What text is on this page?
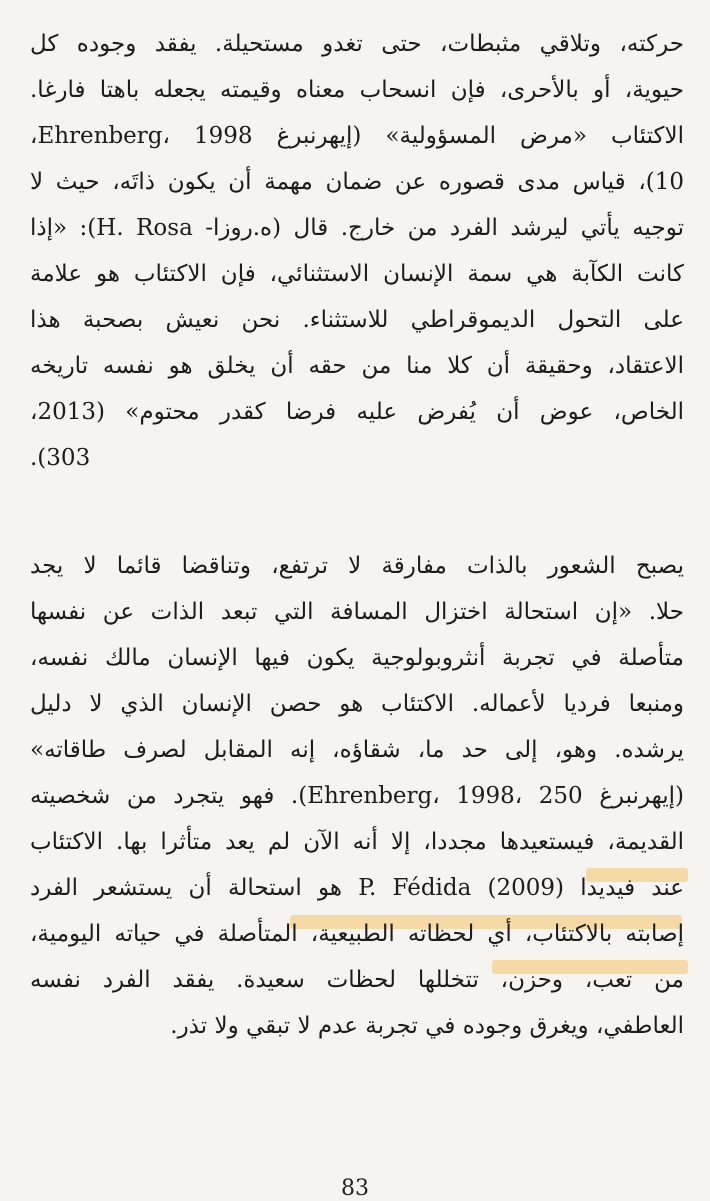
حركته، وتلاقي مثبطات، حتى تغدو مستحيلة. يفقد وجوده كل
حيوية، أو بالأحرى، فإن انسحاب معناه وقيمته يجعله باهتا فارغا.
الاكتئاب «مرض المسؤولية» (إيهرنبرغ Ehrenberg، 1998،
10)، قياس مدى قصوره عن ضمان مهمة أن يكون ذاتَه، حيث لا
توجيه يأتي ليرشد الفرد من خارج. قال (ه.روزا- H. Rosa): «إذا
كانت الكآبة هي سمة الإنسان الاستثنائي، فإن الاكتئاب هو علامة
على التحول الديموقراطي للاستثناء. نحن نعيش بصحبة هذا
الاعتقاد، وحقيقة أن كلا منا من حقه أن يخلق هو نفسه تاريخه
الخاص، عوض أن يُفرض عليه فرضا كقدر محتوم» (2013،
303).
يصبح الشعور بالذات مفارقة لا ترتفع، وتناقضا قائما لا يجد
حلا. «إن استحالة اختزال المسافة التي تبعد الذات عن نفسها
متأصلة في تجربة أنثروبولوجية يكون فيها الإنسان مالك نفسه،
ومنبعا فرديا لأعماله. الاكتئاب هو حصن الإنسان الذي لا دليل
يرشده. وهو، إلى حد ما، شقاؤه، إنه المقابل لصرف طاقاته»
(إيهرنبرغ Ehrenberg، 1998، 250). فهو يتجرد من شخصيته
القديمة، فيستعيدها مجددا، إلا أنه الآن لم يعد متأثرا بها. الاكتئاب
عند فيديدا P. Fédida (2009) هو استحالة أن يستشعر الفرد
إصابته بالاكتئاب، أي لحظاته الطبيعية، المتأصلة في حياته اليومية،
من تعب، وحزن، تتخللها لحظات سعيدة. يفقد الفرد نفسه
العاطفي، ويغرق وجوده في تجربة عدم لا تبقي ولا تذر.
83
